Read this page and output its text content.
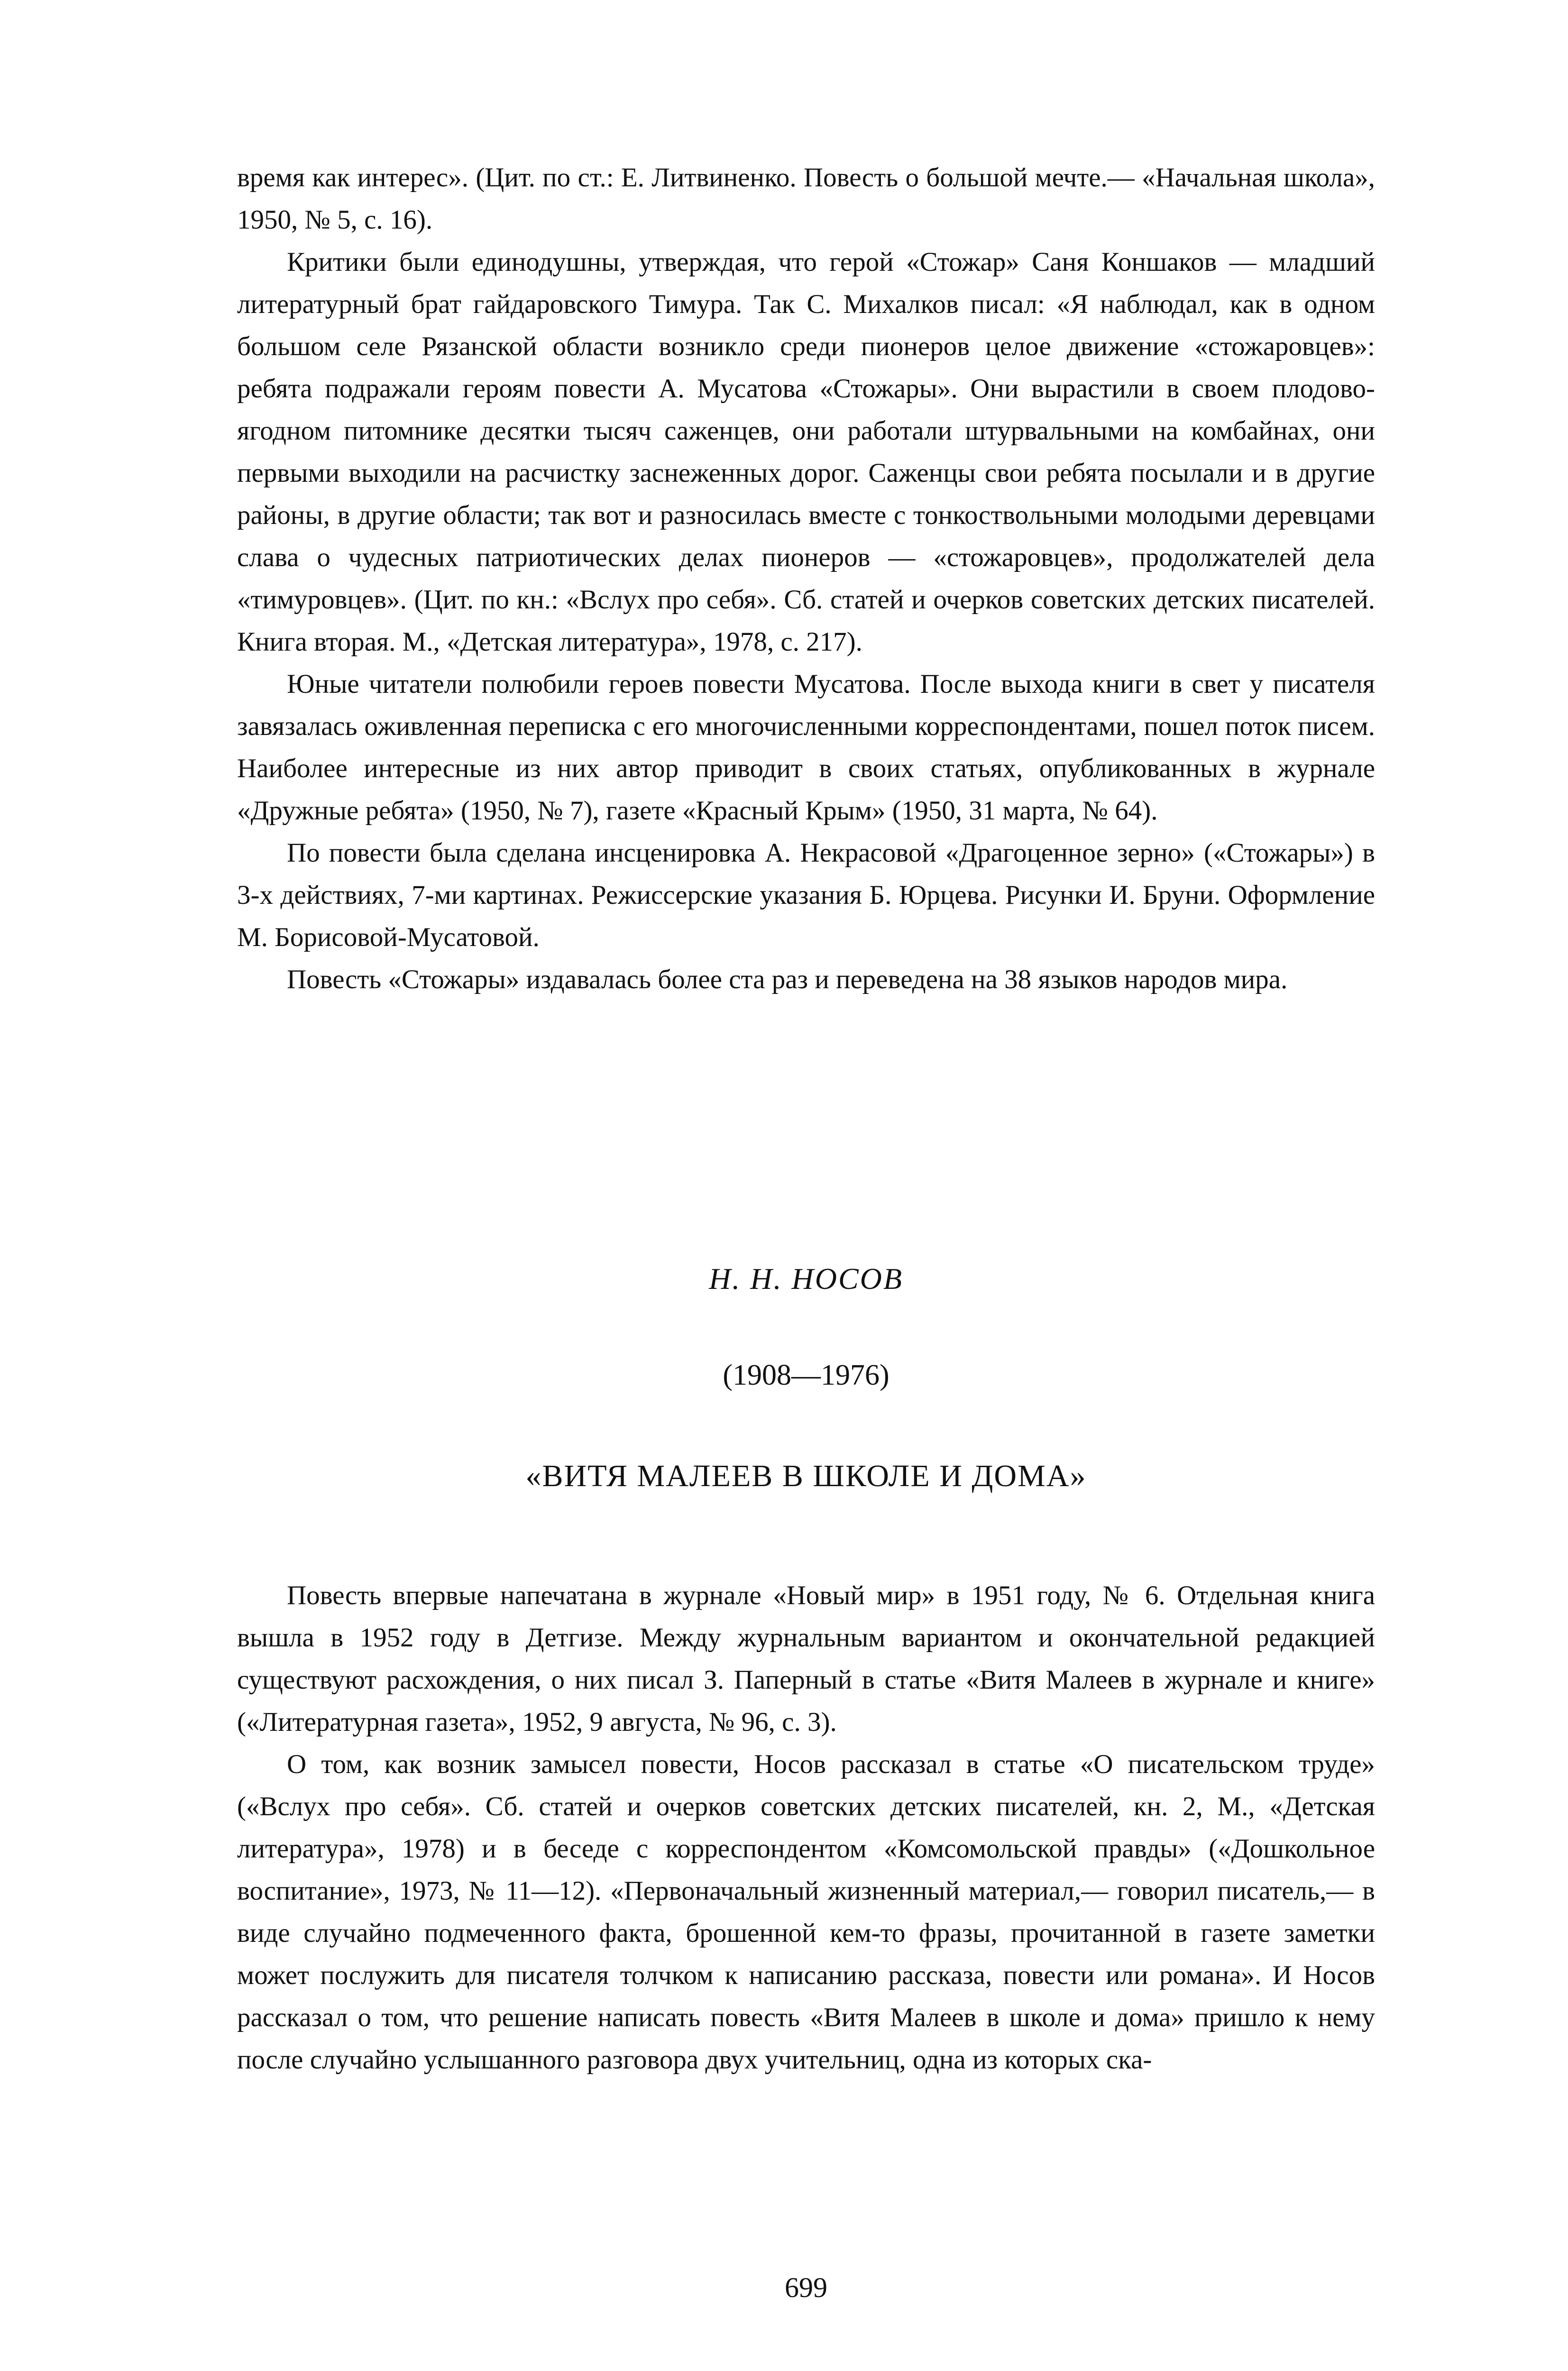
время как интерес». (Цит. по ст.: Е. Литвиненко. Повесть о большой мечте.— «Начальная школа», 1950, № 5, с. 16).

Критики были единодушны, утверждая, что герой «Стожар» Саня Коншаков — младший литературный брат гайдаровского Тимура. Так С. Михалков писал: «Я наблюдал, как в одном большом селе Рязанской области возникло среди пионеров целое движение «стожаровцев»: ребята подражали героям повести А. Мусатова «Стожары». Они вырастили в своем плодово-ягодном питомнике десятки тысяч саженцев, они работали штурвальными на комбайнах, они первыми выходили на расчистку заснеженных дорог. Саженцы свои ребята посылали и в другие районы, в другие области; так вот и разносилась вместе с тонкоствольными молодыми деревцами слава о чудесных патриотических делах пионеров — «стожаровцев», продолжателей дела «тимуровцев». (Цит. по кн.: «Вслух про себя». Сб. статей и очерков советских детских писателей. Книга вторая. М., «Детская литература», 1978, с. 217).

Юные читатели полюбили героев повести Мусатова. После выхода книги в свет у писателя завязалась оживленная переписка с его многочисленными корреспондентами, пошел поток писем. Наиболее интересные из них автор приводит в своих статьях, опубликованных в журнале «Дружные ребята» (1950, № 7), газете «Красный Крым» (1950, 31 марта, № 64).

По повести была сделана инсценировка А. Некрасовой «Драгоценное зерно» («Стожары») в 3-х действиях, 7-ми картинах. Режиссерские указания Б. Юрцева. Рисунки И. Бруни. Оформление М. Борисовой-Мусатовой.

Повесть «Стожары» издавалась более ста раз и переведена на 38 языков народов мира.

Н. Н. НОСОВ

(1908—1976)

«ВИТЯ МАЛЕЕВ В ШКОЛЕ И ДОМА»

Повесть впервые напечатана в журнале «Новый мир» в 1951 году, № 6. Отдельная книга вышла в 1952 году в Детгизе. Между журнальным вариантом и окончательной редакцией существуют расхождения, о них писал З. Паперный в статье «Витя Малеев в журнале и книге» («Литературная газета», 1952, 9 августа, № 96, с. 3).

О том, как возник замысел повести, Носов рассказал в статье «О писательском труде» («Вслух про себя». Сб. статей и очерков советских детских писателей, кн. 2, М., «Детская литература», 1978) и в беседе с корреспондентом «Комсомольской правды» («Дошкольное воспитание», 1973, № 11—12). «Первоначальный жизненный материал,— говорил писатель,— в виде случайно подмеченного факта, брошенной кем-то фразы, прочитанной в газете заметки может послужить для писателя толчком к написанию рассказа, повести или романа». И Носов рассказал о том, что решение написать повесть «Витя Малеев в школе и дома» пришло к нему после случайно услышанного разговора двух учительниц, одна из которых ска-

699
